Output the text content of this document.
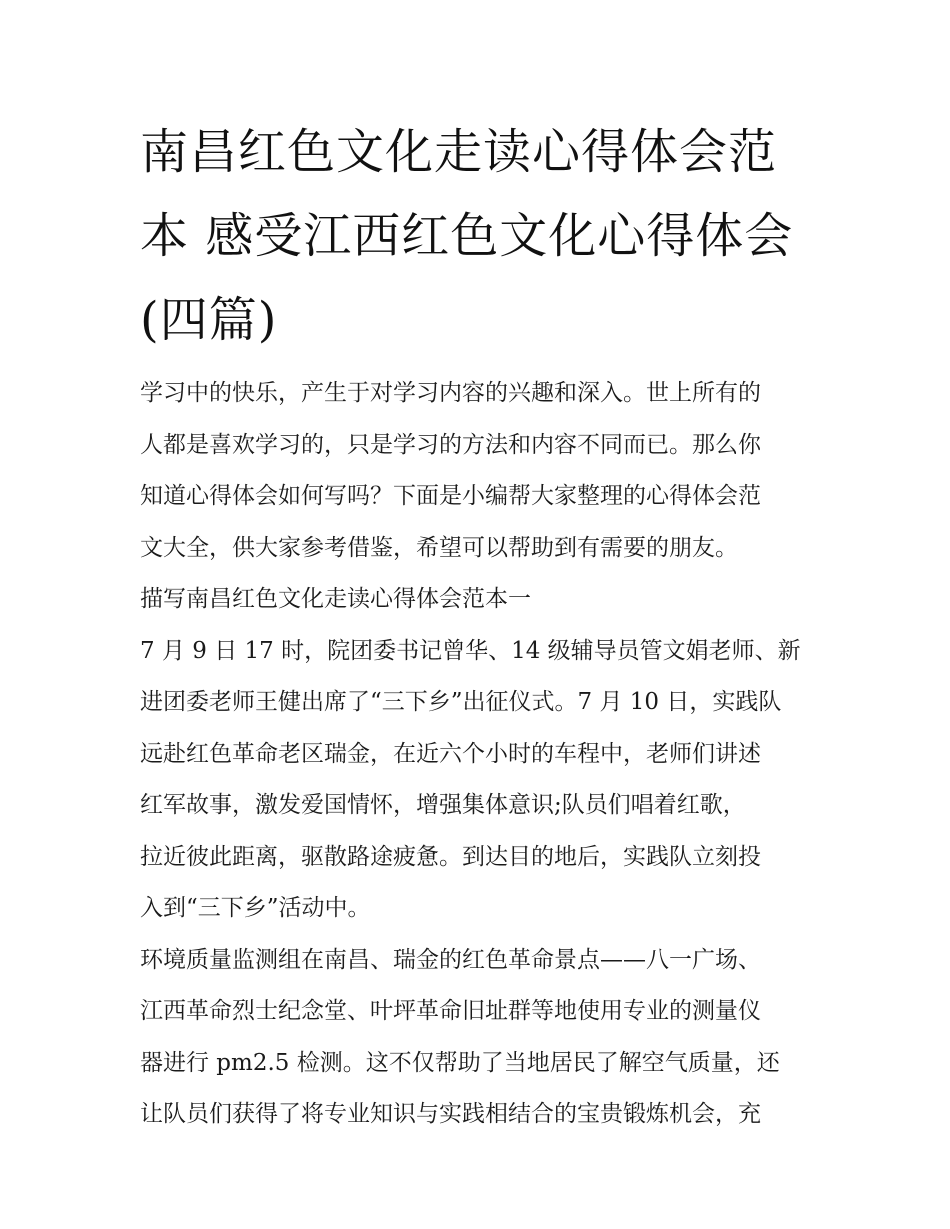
南昌红色文化走读心得体会范
本 感受江西红色文化心得体会
(四篇)
学习中的快乐，产生于对学习内容的兴趣和深入。世上所有的
人都是喜欢学习的，只是学习的方法和内容不同而已。那么你
知道心得体会如何写吗？下面是小编帮大家整理的心得体会范
文大全，供大家参考借鉴，希望可以帮助到有需要的朋友。
描写南昌红色文化走读心得体会范本一
7 月 9 日 17 时，院团委书记曾华、14 级辅导员管文娟老师、新
进团委老师王健出席了“三下乡”出征仪式。7 月 10 日，实践队
远赴红色革命老区瑞金，在近六个小时的车程中，老师们讲述
红军故事，激发爱国情怀，增强集体意识;队员们唱着红歌，
拉近彼此距离，驱散路途疲惫。到达目的地后，实践队立刻投
入到“三下乡”活动中。
环境质量监测组在南昌、瑞金的红色革命景点——八一广场、
江西革命烈士纪念堂、叶坪革命旧址群等地使用专业的测量仪
器进行 pm2.5 检测。这不仅帮助了当地居民了解空气质量，还
让队员们获得了将专业知识与实践相结合的宝贵锻炼机会，充
